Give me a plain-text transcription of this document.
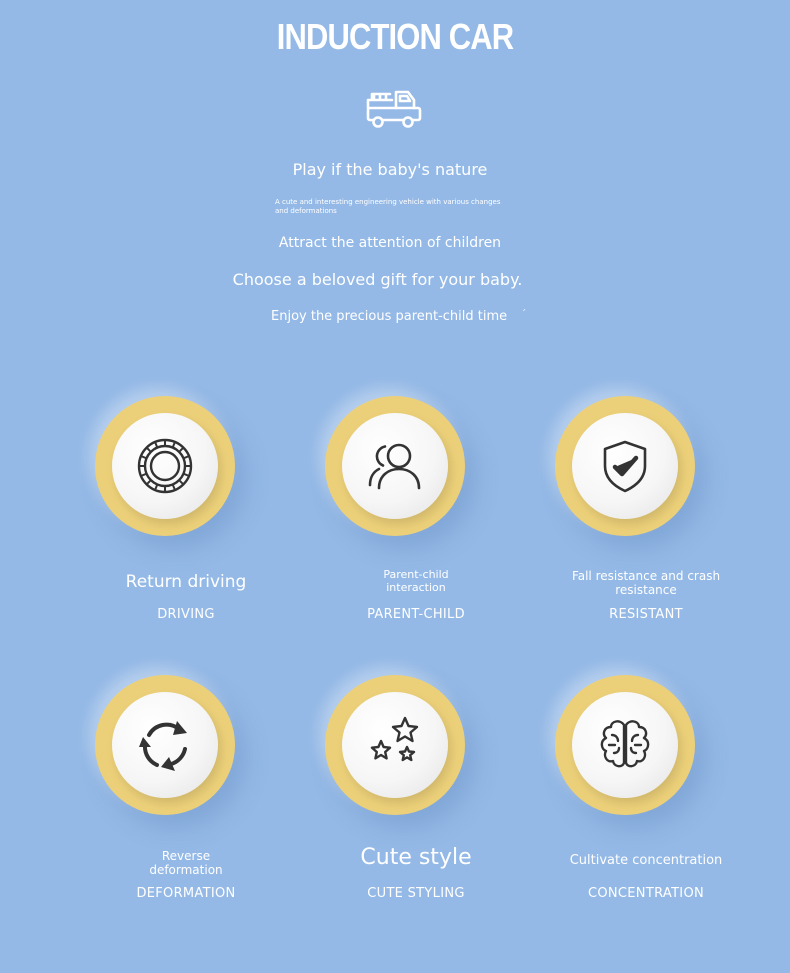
INDUCTION CAR
Play if the baby's nature
A cute and interesting engineering vehicle with various changes and deformations
Attract the attention of children
Choose a beloved gift for your baby.
Enjoy the precious parent-child time ´
Return driving
DRIVING
Parent-child interaction
PARENT-CHILD
Fall resistance and crash resistance
RESISTANT
Reverse deformation
DEFORMATION
Cute style
CUTE STYLING
Cultivate concentration
CONCENTRATION
